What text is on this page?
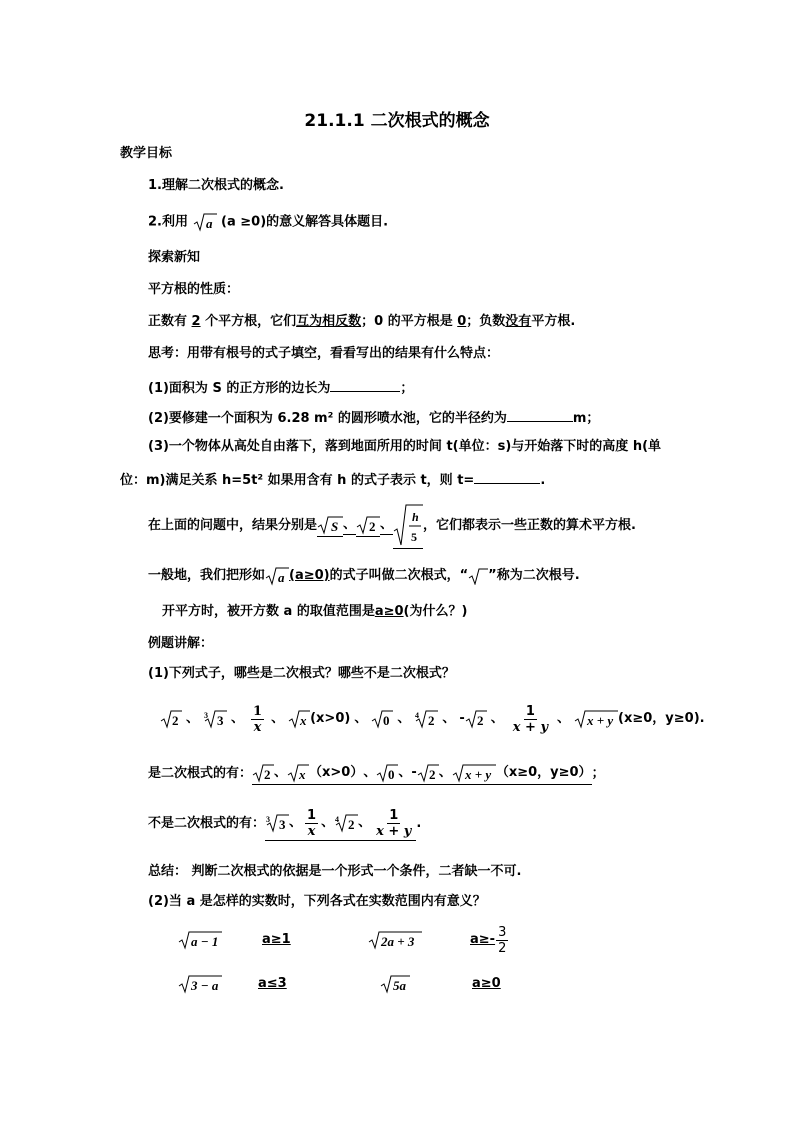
21.1.1 二次根式的概念
教学目标
1.理解二次根式的概念.
2.利用 a (a ≥0)的意义解答具体题目.
探索新知
平方根的性质：
正数有 2 个平方根，它们互为相反数；0 的平方根是 0；负数没有平方根.
思考：用带有根号的式子填空，看看写出的结果有什么特点：
(1)面积为 S 的正方形的边长为	；
(2)要修建一个面积为 6.28 m² 的圆形喷水池，它的半径约为	m；
(3)一个物体从高处自由落下，落到地面所用的时间 t(单位：s)与开始落下时的高度 h(单
位：m)满足关系 h=5t² 如果用含有 h 的式子表示 t，则 t=	.
在上面的问题中，结果分别是 S 、 2 、 h
5
，它们都表示一些正数的算术平方根.
一般地，我们把形如 a (a≥0) 的式子叫做二次根式，“ ”称为二次根号.
开平方时，被开方数 a 的取值范围是a≥0(为什么？)
例题讲解：
(1)下列式子，哪些是二次根式？哪些不是二次根式？
2 、 3 3 、 $\frac{1}{x}$ 、 x (x>0) 、 0 、 4 2 、 - 2 、 $\frac{1}{x + y}$ 、 x + y (x≥0，y≥0).
是二次根式的有： 2 、 x （x>0） 、 0 、 - 2 、 x + y （x≥0，y≥0） ；
不是二次根式的有： 3 3 、 $\frac{1}{x}$ 、 4 2 、 $\frac{1}{x + y}$ .
总结： 判断二次根式的依据是一个形式一个条件，二者缺一不可.
(2)当 a 是怎样的实数时，下列各式在实数范围内有意义？
a − 1	a≥1	2a + 3	$a\ge- \frac{3}{2}$
3 − a	a≤3	5a	a≥0
